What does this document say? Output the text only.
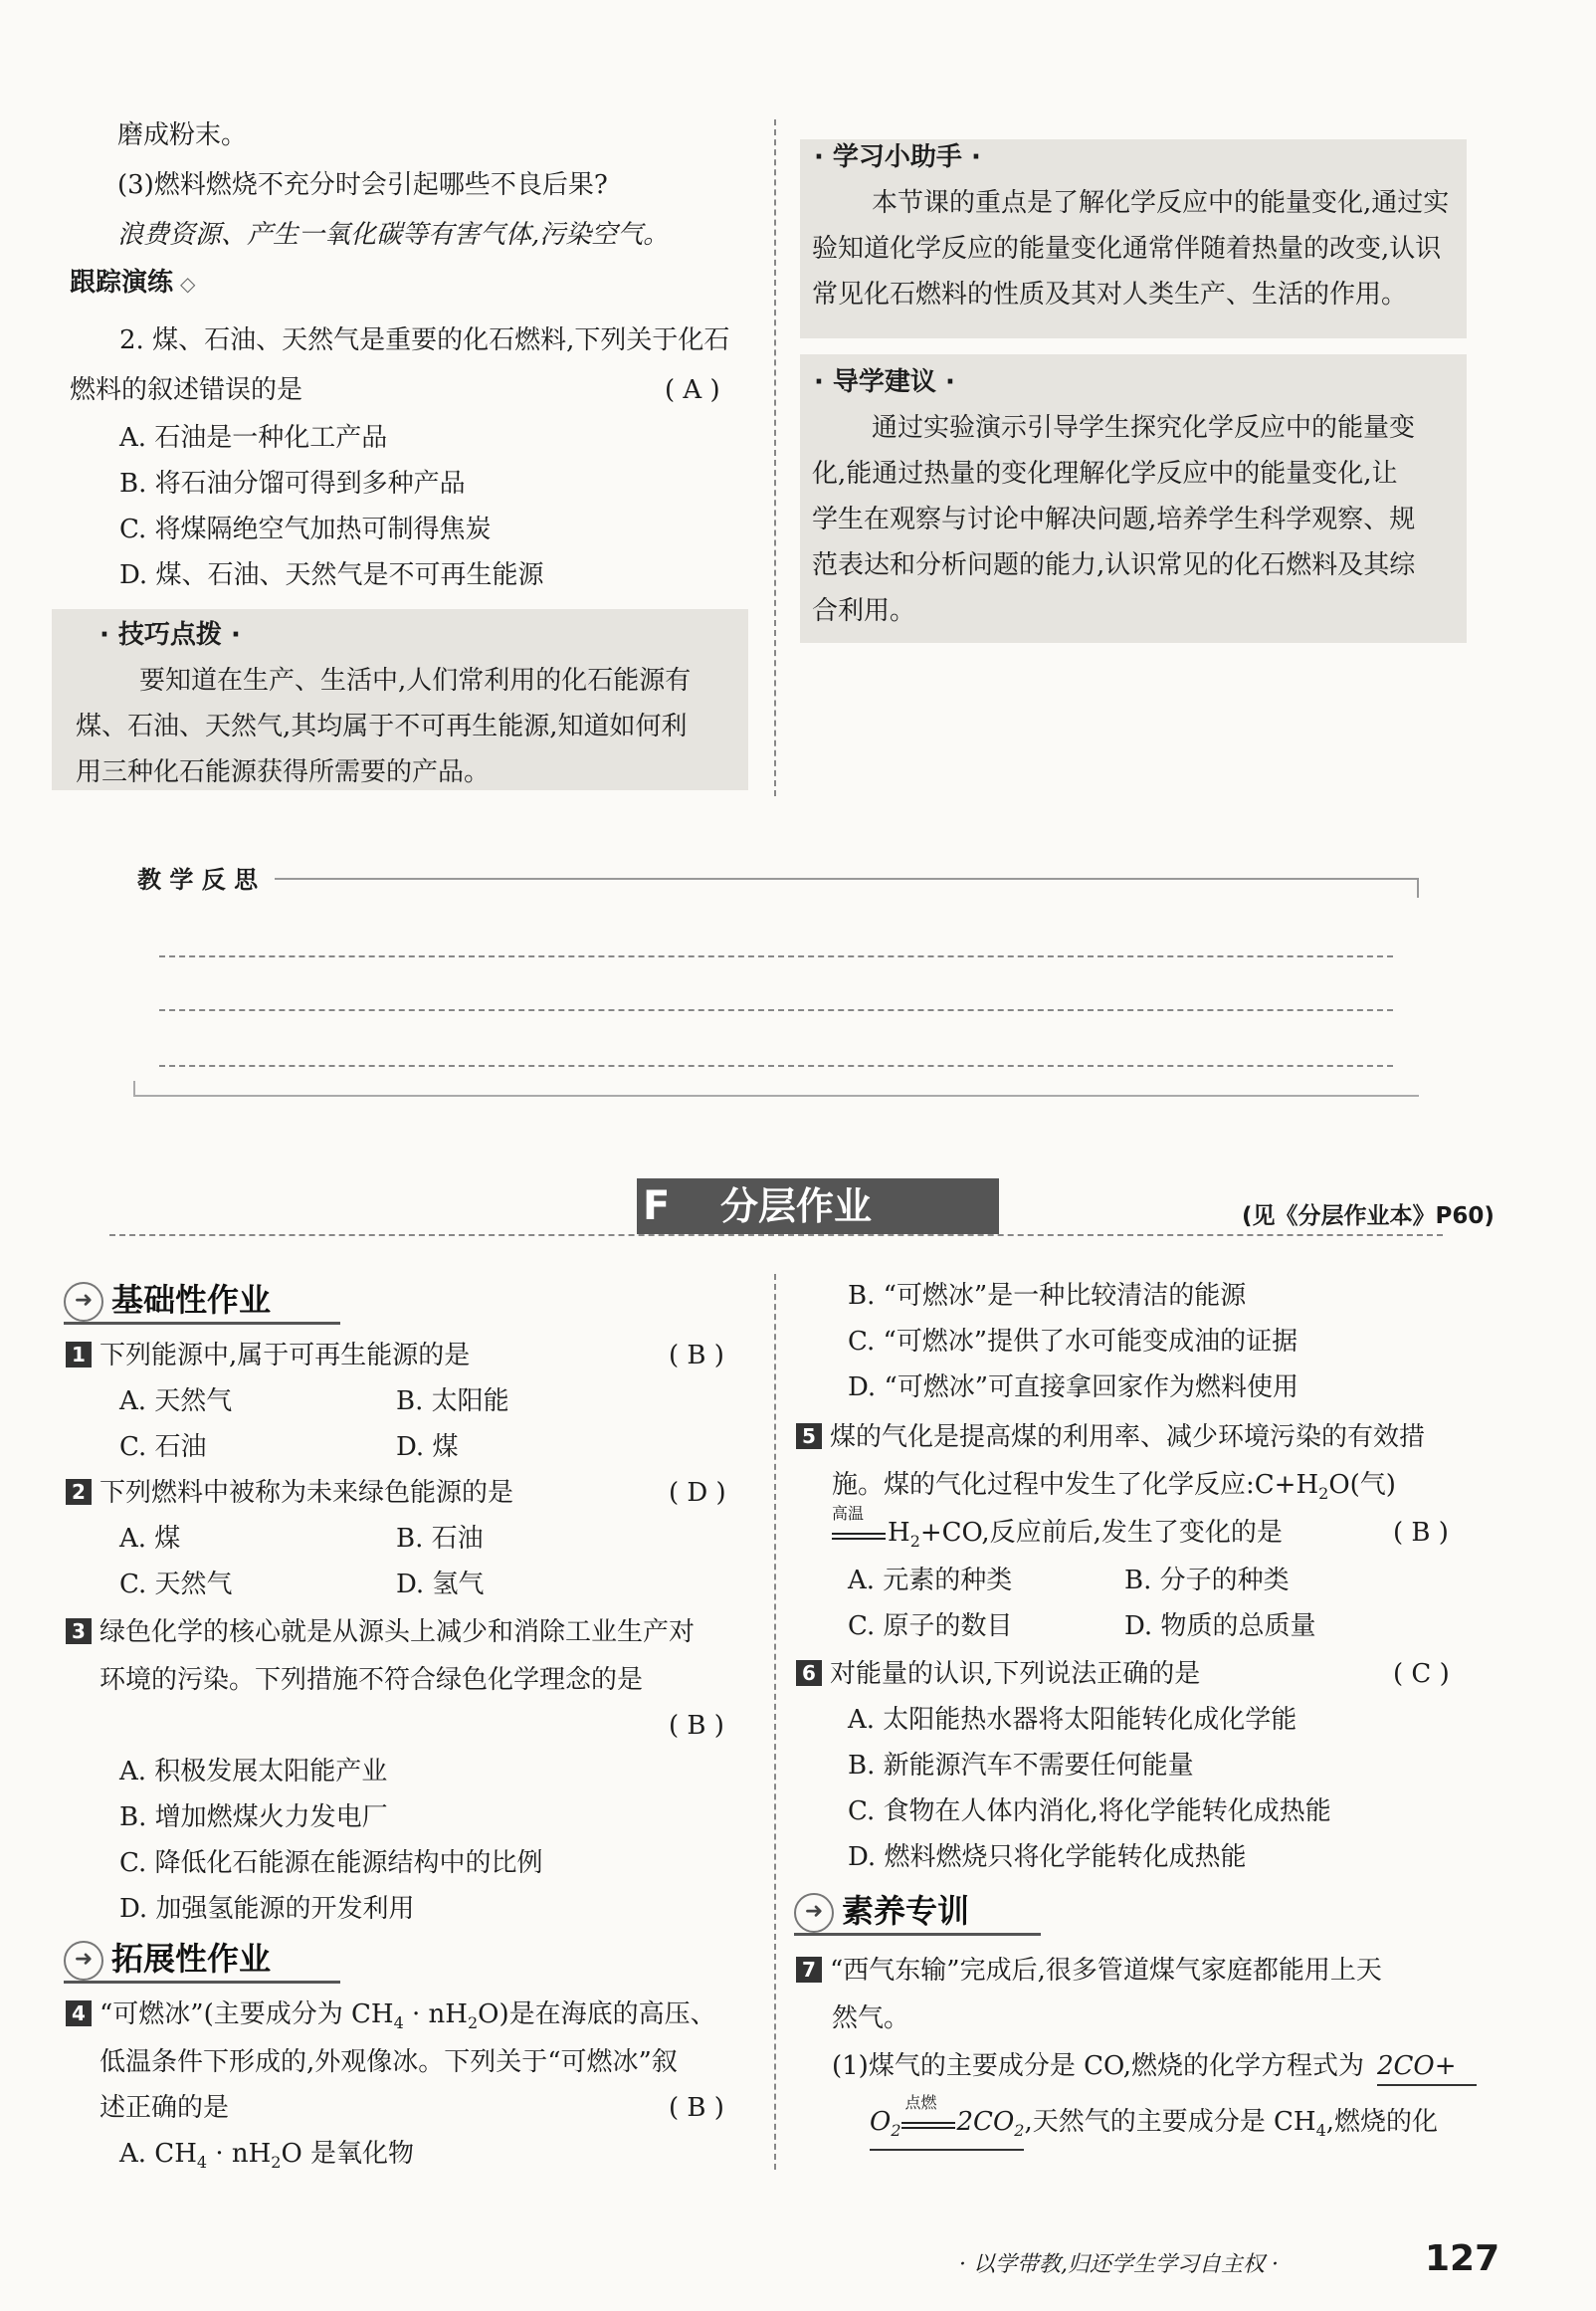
磨成粉末。
(3)燃料燃烧不充分时会引起哪些不良后果?
浪费资源、产生一氧化碳等有害气体,污染空气。
跟踪演练 ◇
2. 煤、石油、天然气是重要的化石燃料,下列关于化石
燃料的叙述错误的是	( A )
A. 石油是一种化工产品
B. 将石油分馏可得到多种产品
C. 将煤隔绝空气加热可制得焦炭
D. 煤、石油、天然气是不可再生能源
· 技巧点拨 ·
要知道在生产、生活中,人们常利用的化石能源有
煤、石油、天然气,其均属于不可再生能源,知道如何利
用三种化石能源获得所需要的产品。
· 学习小助手 ·
本节课的重点是了解化学反应中的能量变化,通过实
验知道化学反应的能量变化通常伴随着热量的改变,认识
常见化石燃料的性质及其对人类生产、生活的作用。
· 导学建议 ·
通过实验演示引导学生探究化学反应中的能量变
化,能通过热量的变化理解化学反应中的能量变化,让
学生在观察与讨论中解决问题,培养学生科学观察、规
范表达和分析问题的能力,认识常见的化石燃料及其综
合利用。
教 学 反 思
F	分层作业	(见《分层作业本》P60)
➜ 基础性作业
1 下列能源中,属于可再生能源的是	( B )
A. 天然气	B. 太阳能
C. 石油	D. 煤
2 下列燃料中被称为未来绿色能源的是	( D )
A. 煤	B. 石油
C. 天然气	D. 氢气
3 绿色化学的核心就是从源头上减少和消除工业生产对
环境的污染。下列措施不符合绿色化学理念的是
( B )
A. 积极发展太阳能产业
B. 增加燃煤火力发电厂
C. 降低化石能源在能源结构中的比例
D. 加强氢能源的开发利用
➜ 拓展性作业
4 “可燃冰”(主要成分为 $CH_4 \cdot nH_2O$)是在海底的高压、
低温条件下形成的,外观像冰。下列关于“可燃冰”叙
述正确的是	( B )
A. $CH_4 \cdot nH_2O$ 是氧化物
B. “可燃冰”是一种比较清洁的能源
C. “可燃冰”提供了水可能变成油的证据
D. “可燃冰”可直接拿回家作为燃料使用
5 煤的气化是提高煤的利用率、减少环境污染的有效措
施。煤的气化过程中发生了化学反应$:C+H_2O$(气)
高温
$H_2+CO$,反应前后,发生了变化的是	( B )
A. 元素的种类	B. 分子的种类
C. 原子的数目	D. 物质的总质量
6 对能量的认识,下列说法正确的是	( C )
A. 太阳能热水器将太阳能转化成化学能
B. 新能源汽车不需要任何能量
C. 食物在人体内消化,将化学能转化成热能
D. 燃料燃烧只将化学能转化成热能
➜ 素养专训
7 “西气东输”完成后,很多管道煤气家庭都能用上天
然气。
(1)煤气的主要成分是 CO,燃烧的化学方程式为 2CO+
$O_2$
点燃
$2CO_2$,天然气的主要成分是 $CH_4$,燃烧的化
· 以学带教,归还学生学习自主权 ·	127
